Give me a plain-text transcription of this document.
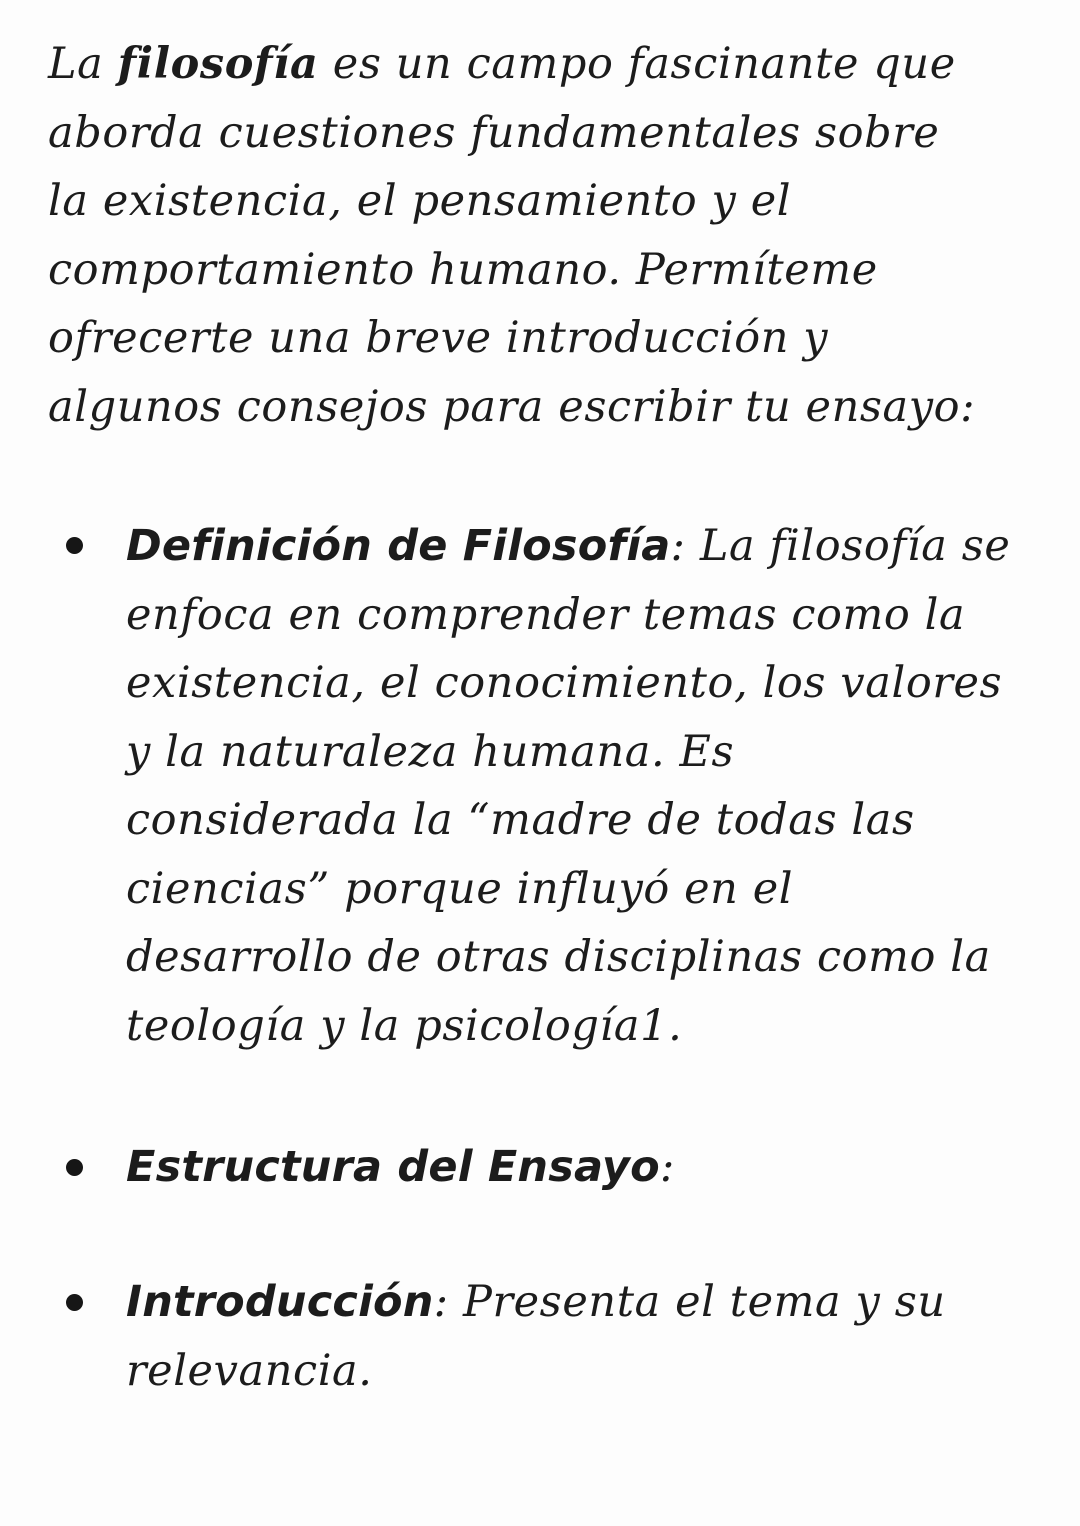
La filosofía es un campo fascinante que
aborda cuestiones fundamentales sobre
la existencia, el pensamiento y el
comportamiento humano. Permíteme
ofrecerte una breve introducción y
algunos consejos para escribir tu ensayo:

Definición de Filosofía: La filosofía se
enfoca en comprender temas como la
existencia, el conocimiento, los valores
y la naturaleza humana. Es
considerada la “madre de todas las
ciencias” porque influyó en el
desarrollo de otras disciplinas como la
teología y la psicología1.
Estructura del Ensayo:
Introducción: Presenta el tema y su
relevancia.
